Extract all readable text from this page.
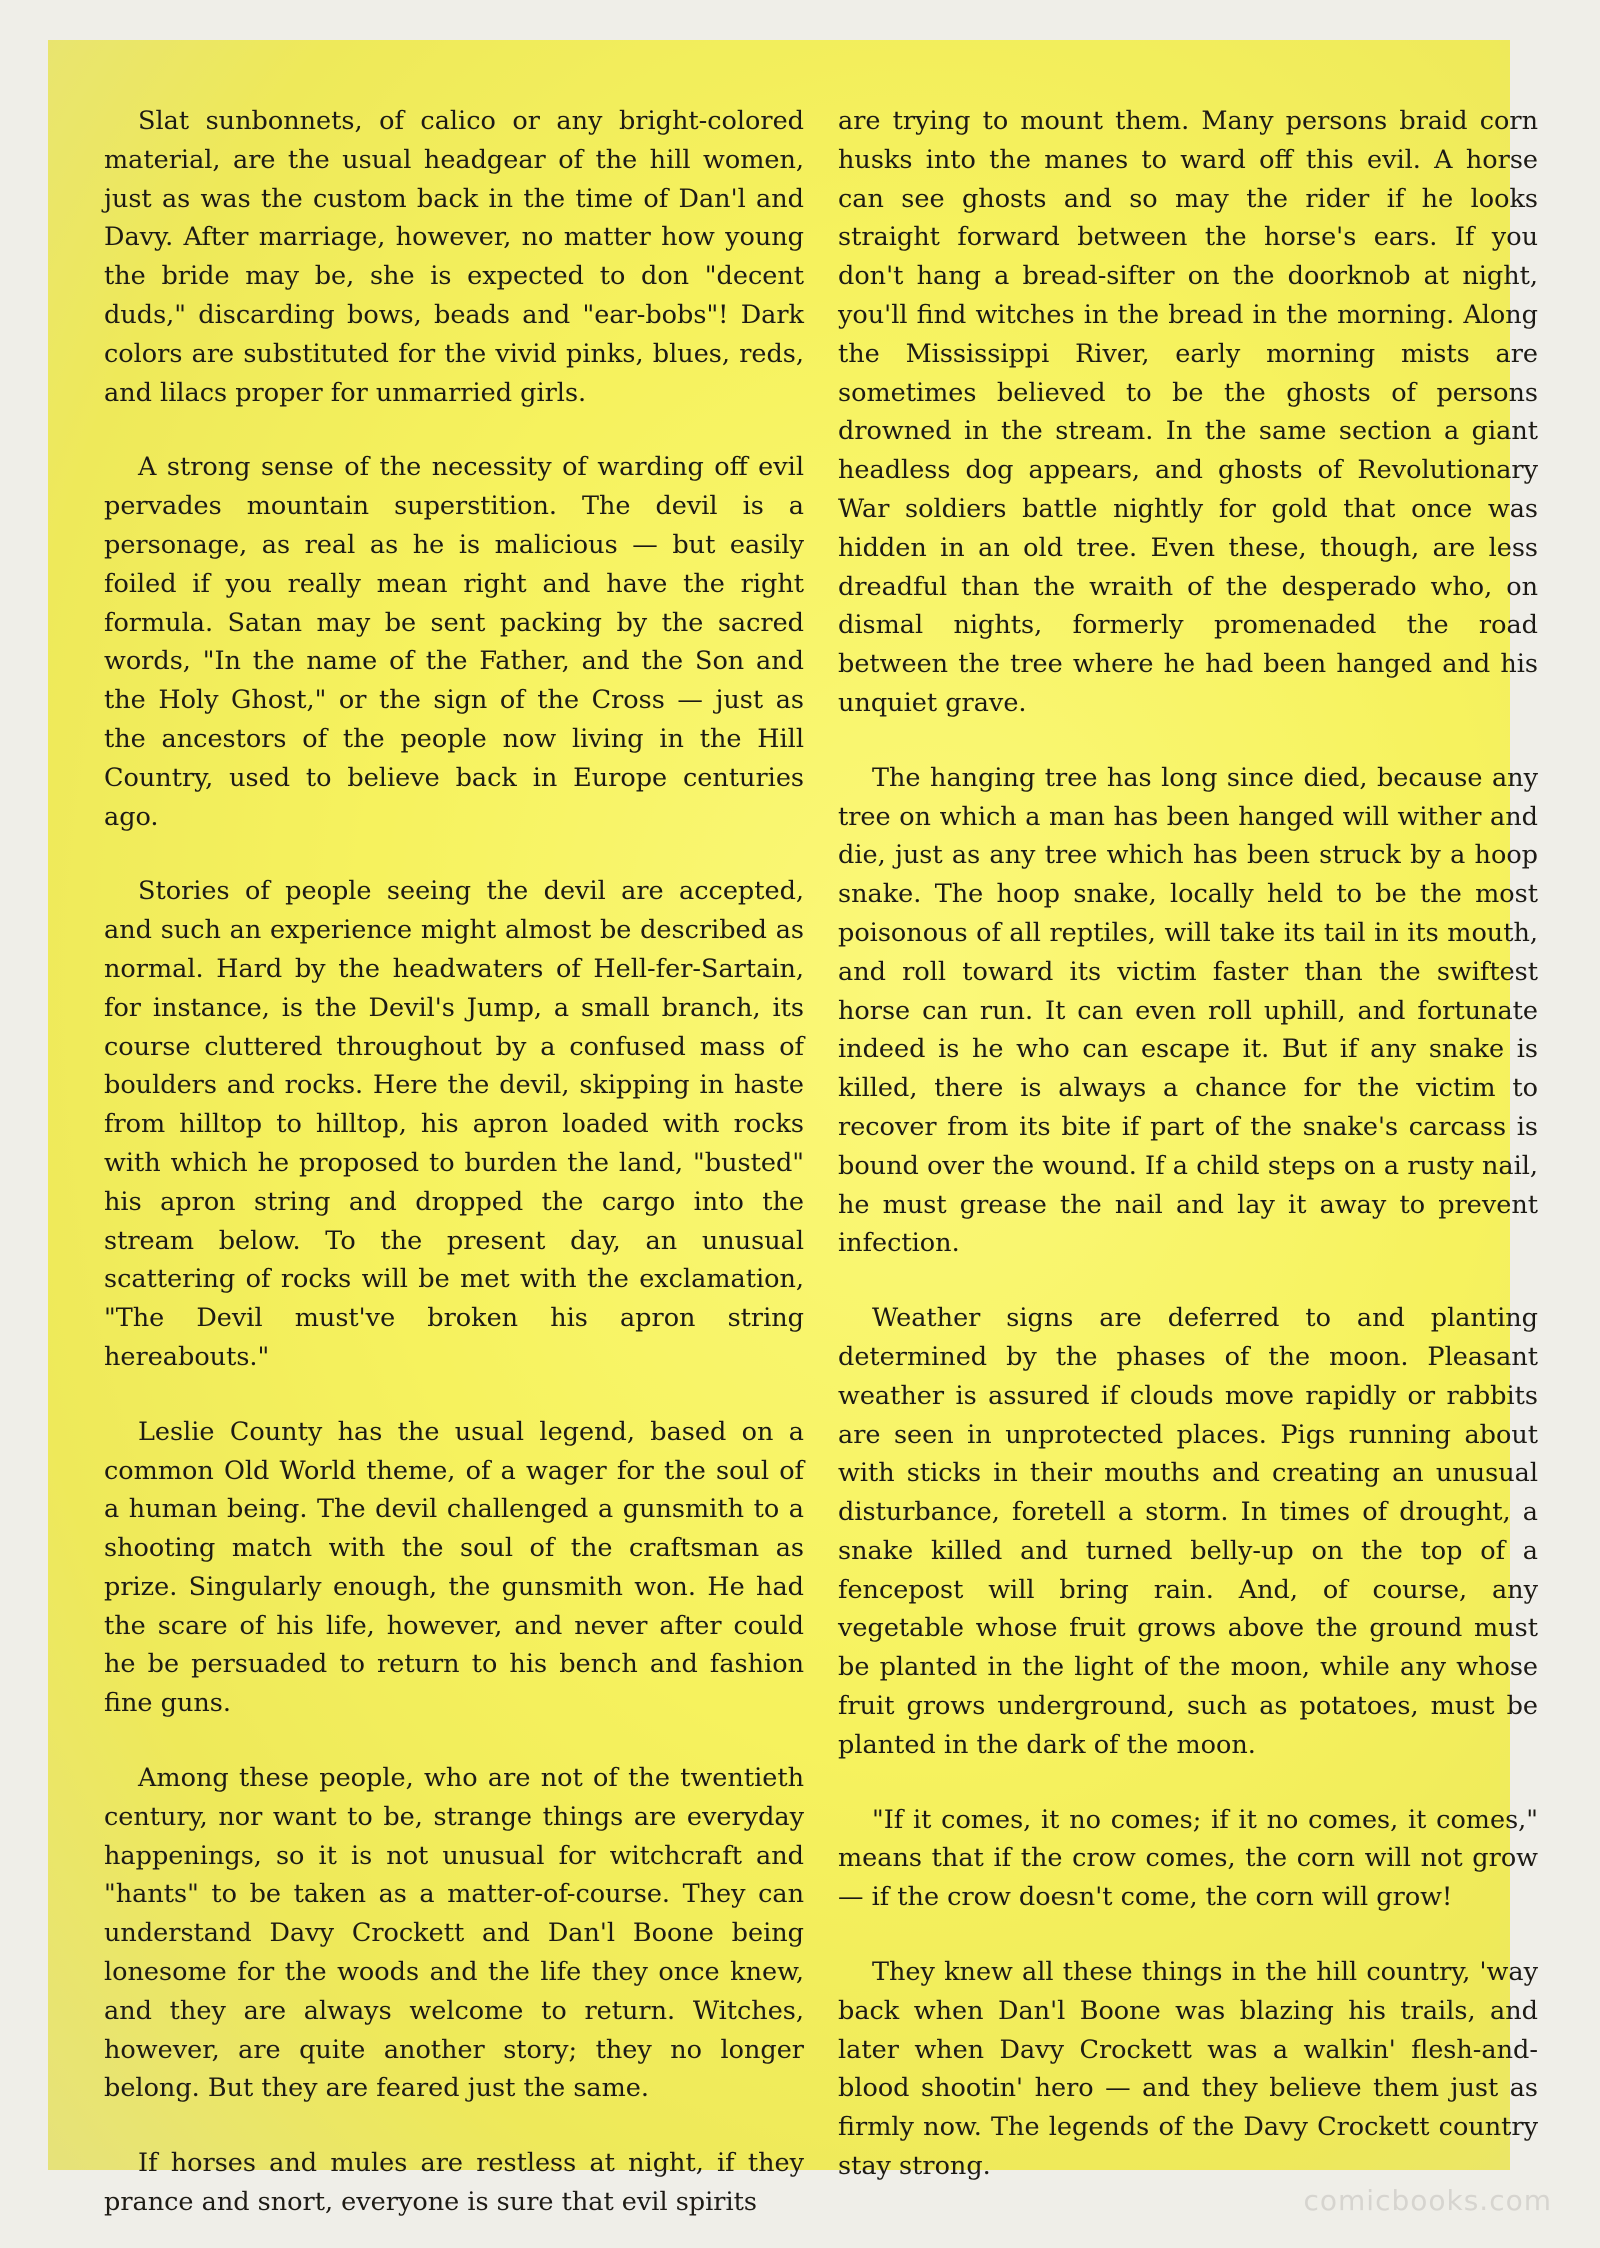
Slat sunbonnets, of calico or any bright-colored material, are the usual headgear of the hill women, just as was the custom back in the time of Dan'l and Davy. After marriage, however, no matter how young the bride may be, she is expected to don "decent duds," discarding bows, beads and "ear-bobs"! Dark colors are substituted for the vivid pinks, blues, reds, and lilacs proper for unmarried girls.

A strong sense of the necessity of warding off evil pervades mountain superstition. The devil is a personage, as real as he is malicious — but easily foiled if you really mean right and have the right formula. Satan may be sent packing by the sacred words, "In the name of the Father, and the Son and the Holy Ghost," or the sign of the Cross — just as the ancestors of the people now living in the Hill Country, used to believe back in Europe centuries ago.

Stories of people seeing the devil are accepted, and such an experience might almost be described as normal. Hard by the headwaters of Hell-fer-Sartain, for instance, is the Devil's Jump, a small branch, its course cluttered throughout by a confused mass of boulders and rocks. Here the devil, skipping in haste from hilltop to hilltop, his apron loaded with rocks with which he proposed to burden the land, "busted" his apron string and dropped the cargo into the stream below. To the present day, an unusual scattering of rocks will be met with the exclamation, "The Devil must've broken his apron string hereabouts."

Leslie County has the usual legend, based on a common Old World theme, of a wager for the soul of a human being. The devil challenged a gunsmith to a shooting match with the soul of the craftsman as prize. Singularly enough, the gunsmith won. He had the scare of his life, however, and never after could he be persuaded to return to his bench and fashion fine guns.

Among these people, who are not of the twentieth century, nor want to be, strange things are everyday happenings, so it is not unusual for witchcraft and "hants" to be taken as a matter-of-course. They can understand Davy Crockett and Dan'l Boone being lonesome for the woods and the life they once knew, and they are always welcome to return. Witches, however, are quite another story; they no longer belong. But they are feared just the same.

If horses and mules are restless at night, if they prance and snort, everyone is sure that evil spirits

are trying to mount them. Many persons braid corn husks into the manes to ward off this evil. A horse can see ghosts and so may the rider if he looks straight forward between the horse's ears. If you don't hang a bread-sifter on the doorknob at night, you'll find witches in the bread in the morning. Along the Mississippi River, early morning mists are sometimes believed to be the ghosts of persons drowned in the stream. In the same section a giant headless dog appears, and ghosts of Revolutionary War soldiers battle nightly for gold that once was hidden in an old tree. Even these, though, are less dreadful than the wraith of the desperado who, on dismal nights, formerly promenaded the road between the tree where he had been hanged and his unquiet grave.

The hanging tree has long since died, because any tree on which a man has been hanged will wither and die, just as any tree which has been struck by a hoop snake. The hoop snake, locally held to be the most poisonous of all reptiles, will take its tail in its mouth, and roll toward its victim faster than the swiftest horse can run. It can even roll uphill, and fortunate indeed is he who can escape it. But if any snake is killed, there is always a chance for the victim to recover from its bite if part of the snake's carcass is bound over the wound. If a child steps on a rusty nail, he must grease the nail and lay it away to prevent infection.

Weather signs are deferred to and planting determined by the phases of the moon. Pleasant weather is assured if clouds move rapidly or rabbits are seen in unprotected places. Pigs running about with sticks in their mouths and creating an unusual disturbance, foretell a storm. In times of drought, a snake killed and turned belly-up on the top of a fencepost will bring rain. And, of course, any vegetable whose fruit grows above the ground must be planted in the light of the moon, while any whose fruit grows underground, such as potatoes, must be planted in the dark of the moon.

"If it comes, it no comes; if it no comes, it comes," means that if the crow comes, the corn will not grow — if the crow doesn't come, the corn will grow!

They knew all these things in the hill country, 'way back when Dan'l Boone was blazing his trails, and later when Davy Crockett was a walkin' flesh-and-blood shootin' hero — and they believe them just as firmly now. The legends of the Davy Crockett country stay strong.

comicbooks.com
